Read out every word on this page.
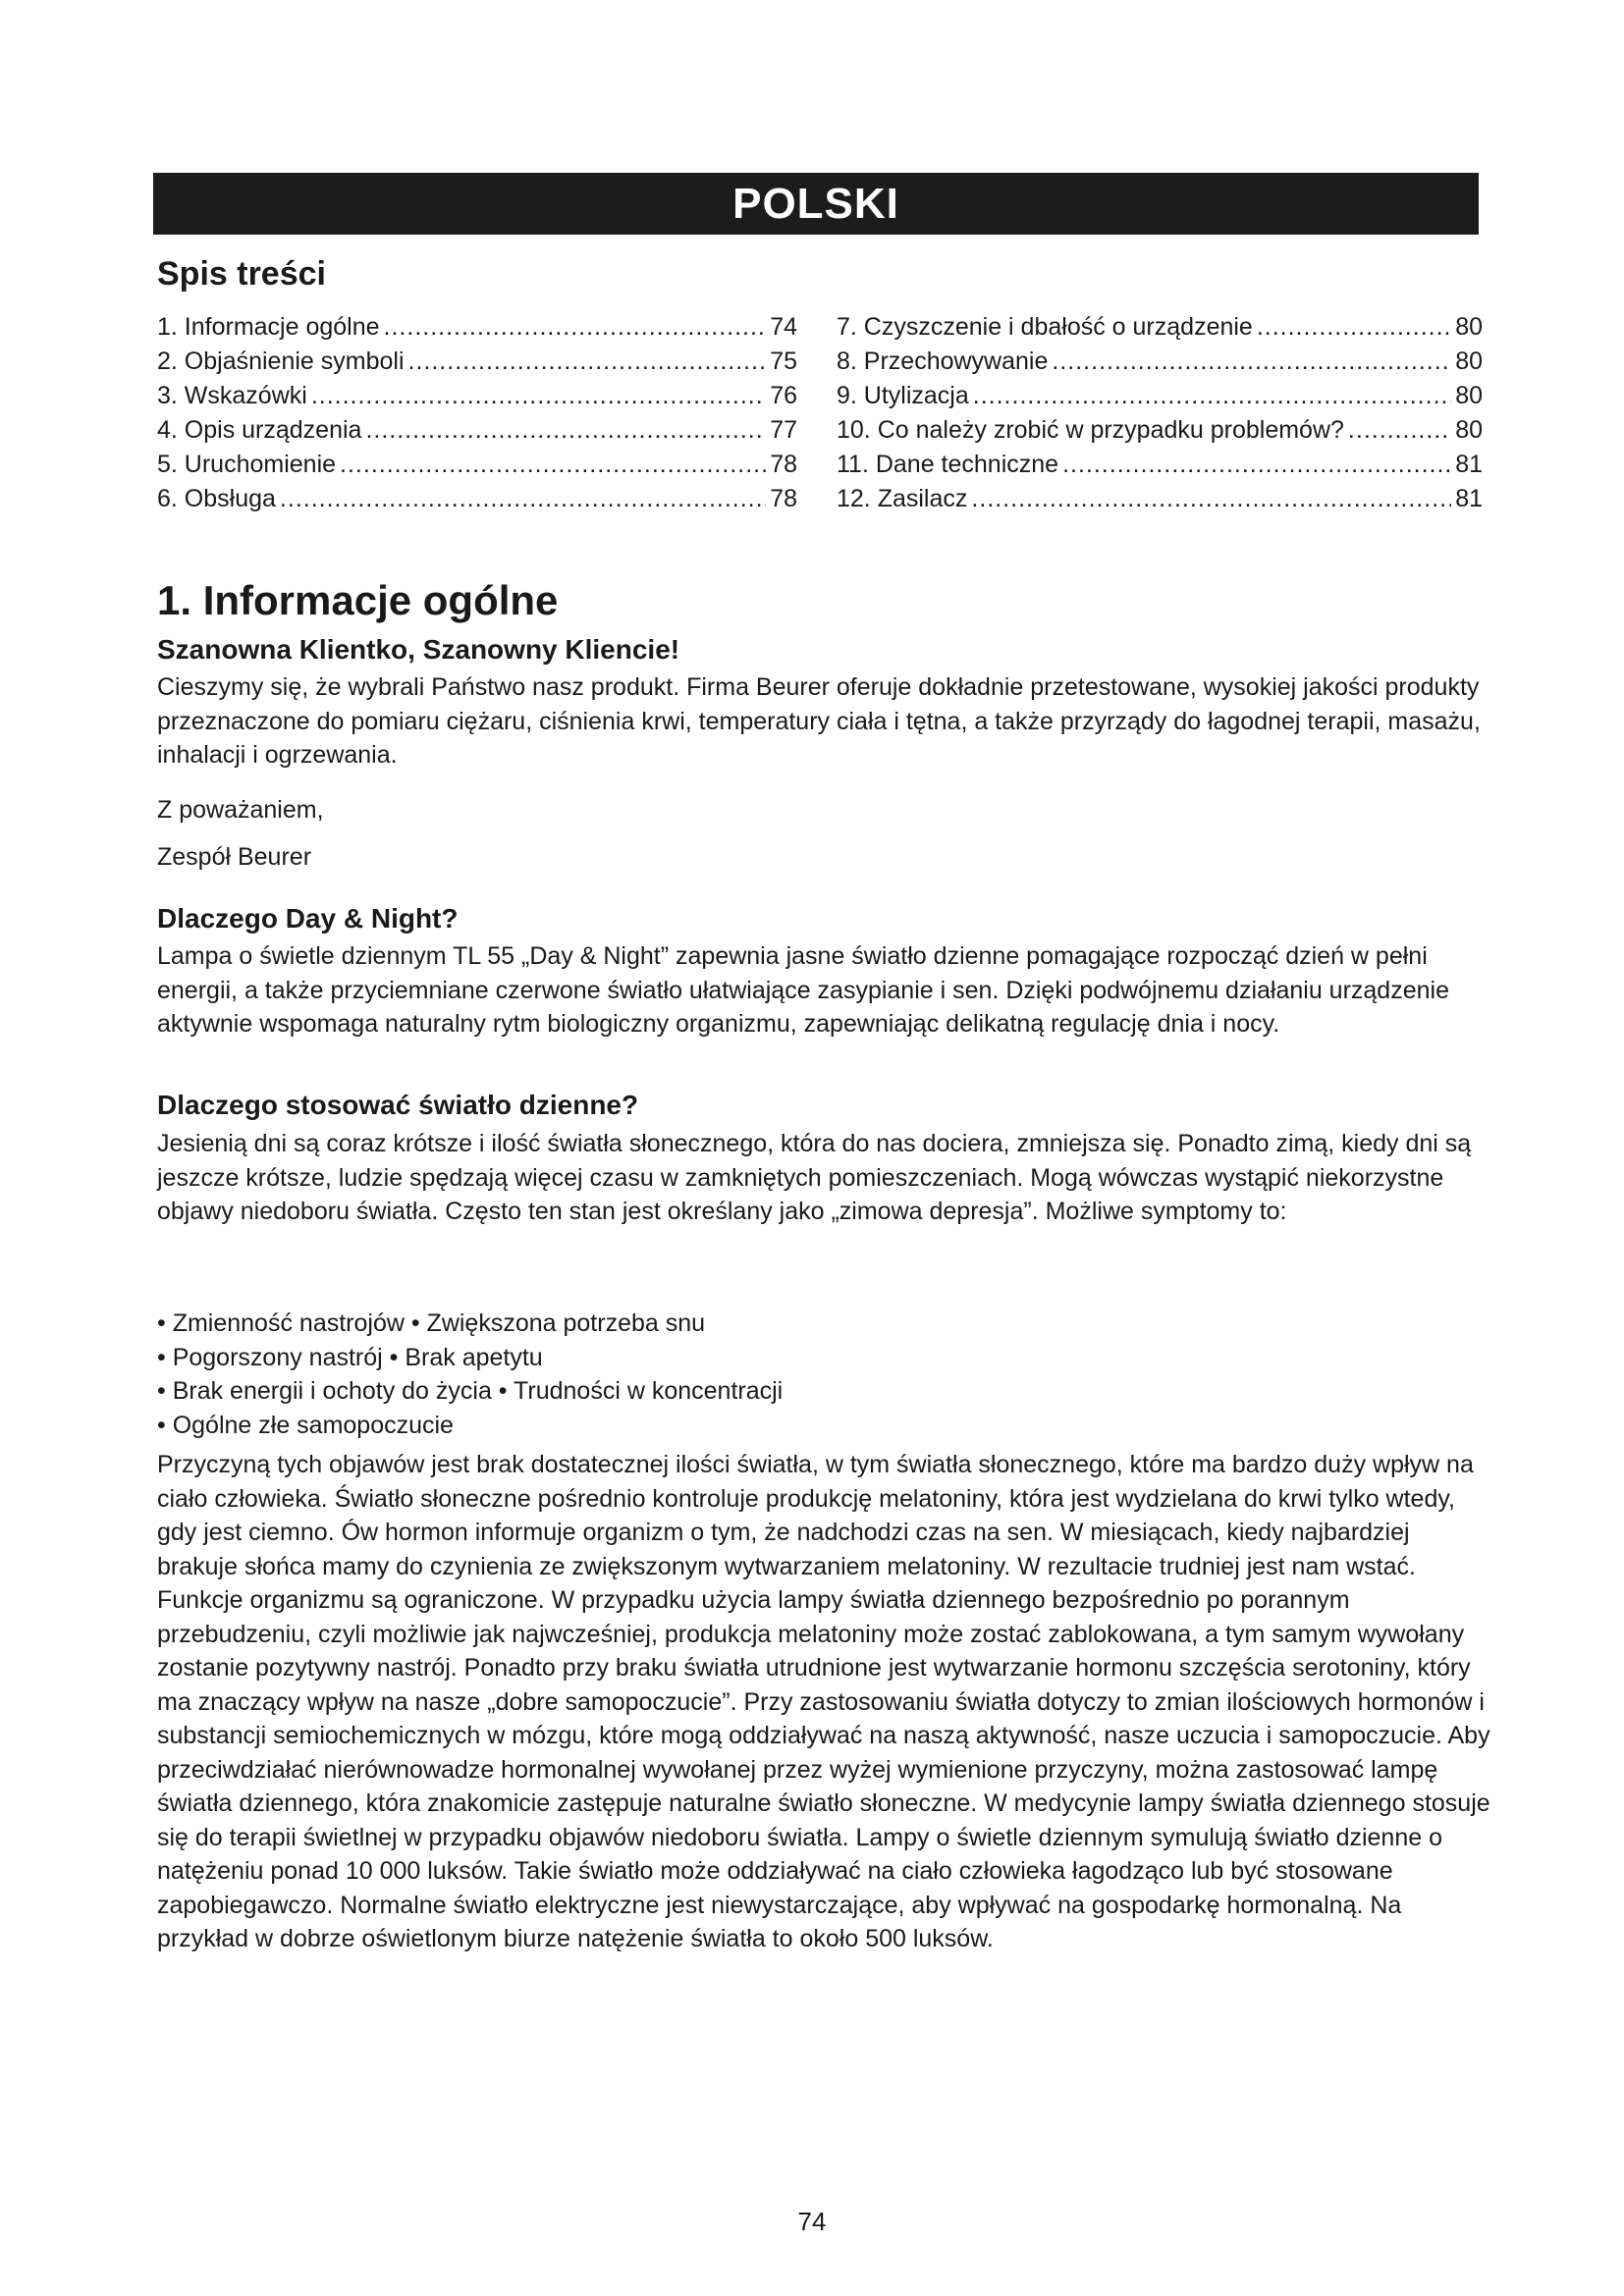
POLSKI
Spis treści
1. Informacje ogólne .....	74
2. Objaśnienie symboli .....	75
3. Wskazówki .....	76
4. Opis urządzenia .....	77
5. Uruchomienie .....	78
6. Obsługa .....	78
7. Czyszczenie i dbałość o urządzenie .....	80
8. Przechowywanie .....	80
9. Utylizacja .....	80
10. Co należy zrobić w przypadku problemów? .....	80
11. Dane techniczne .....	81
12. Zasilacz .....	81
1. Informacje ogólne
Szanowna Klientko, Szanowny Kliencie!

Cieszymy się, że wybrali Państwo nasz produkt. Firma Beurer oferuje dokładnie przetestowane, wysokiej jakości produkty przeznaczone do pomiaru ciężaru, ciśnienia krwi, temperatury ciała i tętna, a także przyrządy do łagodnej terapii, masażu, inhalacji i ogrzewania.

Z poważaniem,

Zespół Beurer

Dlaczego Day & Night?

Lampa o świetle dziennym TL 55 „Day & Night” zapewnia jasne światło dzienne pomagające rozpocząć dzień w pełni energii, a także przyciemniane czerwone światło ułatwiające zasypianie i sen. Dzięki podwójnemu działaniu urządzenie aktywnie wspomaga naturalny rytm biologiczny organizmu, zapewniając delikatną regulację dnia i nocy.

Dlaczego stosować światło dzienne?

Jesienią dni są coraz krótsze i ilość światła słonecznego, która do nas dociera, zmniejsza się. Ponadto zimą, kiedy dni są jeszcze krótsze, ludzie spędzają więcej czasu w zamkniętych pomieszczeniach. Mogą wówczas wystąpić niekorzystne objawy niedoboru światła. Często ten stan jest określany jako „zimowa depresja”. Możliwe symptomy to:

• Zmienność nastrojów • Zwiększona potrzeba snu
• Pogorszony nastrój • Brak apetytu
• Brak energii i ochoty do życia • Trudności w koncentracji
• Ogólne złe samopoczucie

Przyczyną tych objawów jest brak dostatecznej ilości światła, w tym światła słonecznego, które ma bardzo duży wpływ na ciało człowieka. Światło słoneczne pośrednio kontroluje produkcję melatoniny, która jest wydzielana do krwi tylko wtedy, gdy jest ciemno. Ów hormon informuje organizm o tym, że nadchodzi czas na sen. W miesiącach, kiedy najbardziej brakuje słońca mamy do czynienia ze zwiększonym wytwarzaniem melatoniny. W rezultacie trudniej jest nam wstać. Funkcje organizmu są ograniczone. W przypadku użycia lampy światła dziennego bezpośrednio po porannym przebudzeniu, czyli możliwie jak najwcześniej, produkcja melatoniny może zostać zablokowana, a tym samym wywołany zostanie pozytywny nastrój. Ponadto przy braku światła utrudnione jest wytwarzanie hormonu szczęścia serotoniny, który ma znaczący wpływ na nasze „dobre samopoczucie”. Przy zastosowaniu światła dotyczy to zmian ilościowych hormonów i substancji semiochemicznych w mózgu, które mogą oddziaływać na naszą aktywność, nasze uczucia i samopoczucie. Aby przeciwdziałać nierównowadze hormonalnej wywołanej przez wyżej wymienione przyczyny, można zastosować lampę światła dziennego, która znakomicie zastępuje naturalne światło słoneczne. W medycynie lampy światła dziennego stosuje się do terapii świetlnej w przypadku objawów niedoboru światła. Lampy o świetle dziennym symulują światło dzienne o natężeniu ponad 10 000 luksów. Takie światło może oddziaływać na ciało człowieka łagodząco lub być stosowane zapobiegawczo. Normalne światło elektryczne jest niewystarczające, aby wpływać na gospodarkę hormonalną. Na przykład w dobrze oświetlonym biurze natężenie światła to około 500 luksów.

74
